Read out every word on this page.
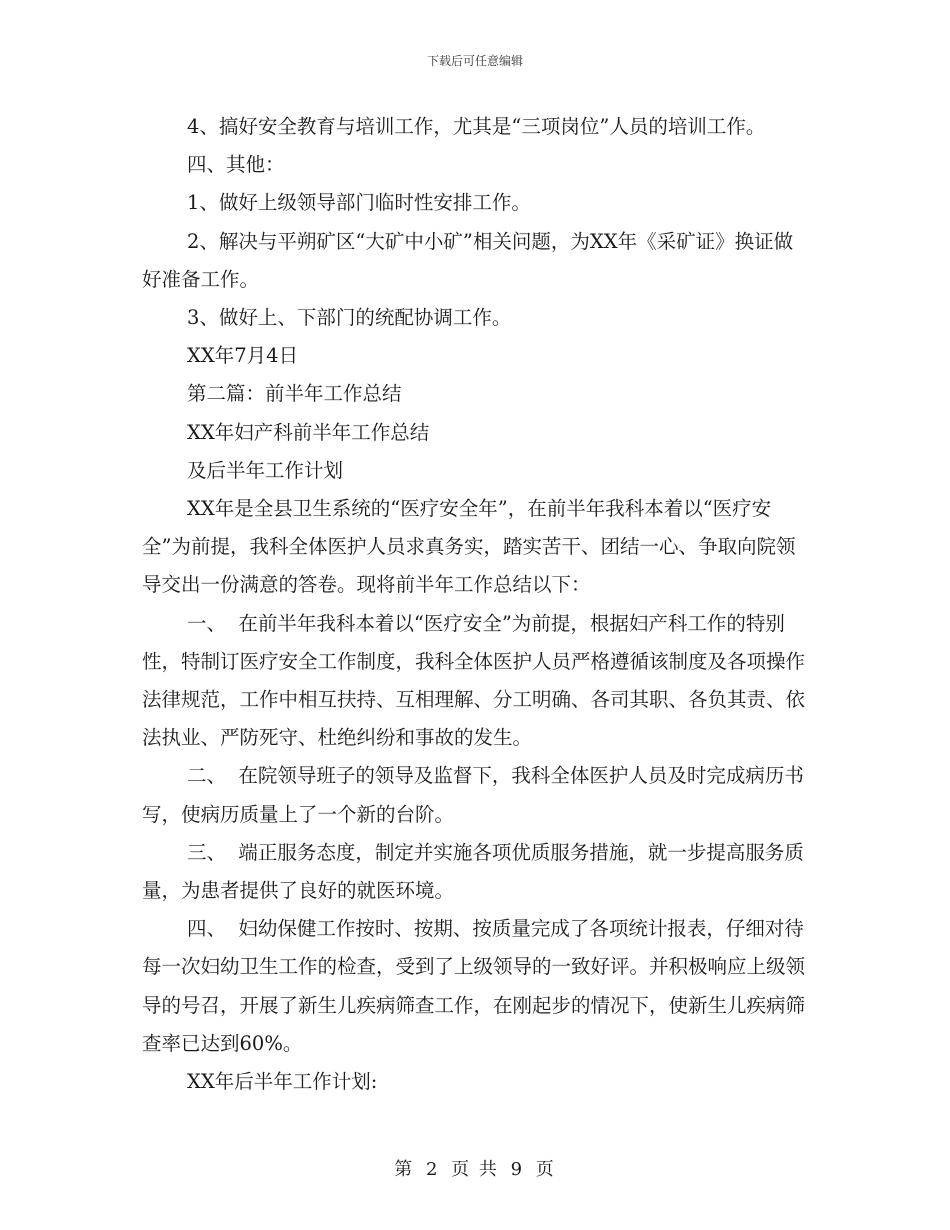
下载后可任意编辑

4、搞好安全教育与培训工作，尤其是“三项岗位”人员的培训工作。

四、其他：

1、做好上级领导部门临时性安排工作。

2、解决与平朔矿区“大矿中小矿”相关问题，为XX年《采矿证》换证做好准备工作。

3、做好上、下部门的统配协调工作。

XX年7月4日

第二篇：前半年工作总结

XX年妇产科前半年工作总结

及后半年工作计划

XX年是全县卫生系统的“医疗安全年”，在前半年我科本着以“医疗安全”为前提，我科全体医护人员求真务实，踏实苦干、团结一心、争取向院领导交出一份满意的答卷。现将前半年工作总结以下：

一、  在前半年我科本着以“医疗安全”为前提，根据妇产科工作的特别性，特制订医疗安全工作制度，我科全体医护人员严格遵循该制度及各项操作法律规范，工作中相互扶持、互相理解、分工明确、各司其职、各负其责、依法执业、严防死守、杜绝纠纷和事故的发生。

二、  在院领导班子的领导及监督下，我科全体医护人员及时完成病历书写，使病历质量上了一个新的台阶。

三、  端正服务态度，制定并实施各项优质服务措施，就一步提高服务质量，为患者提供了良好的就医环境。

四、  妇幼保健工作按时、按期、按质量完成了各项统计报表，仔细对待每一次妇幼卫生工作的检查，受到了上级领导的一致好评。并积极响应上级领导的号召，开展了新生儿疾病筛查工作，在刚起步的情况下，使新生儿疾病筛查率已达到60%。

XX年后半年工作计划:

第 2 页 共 9 页
